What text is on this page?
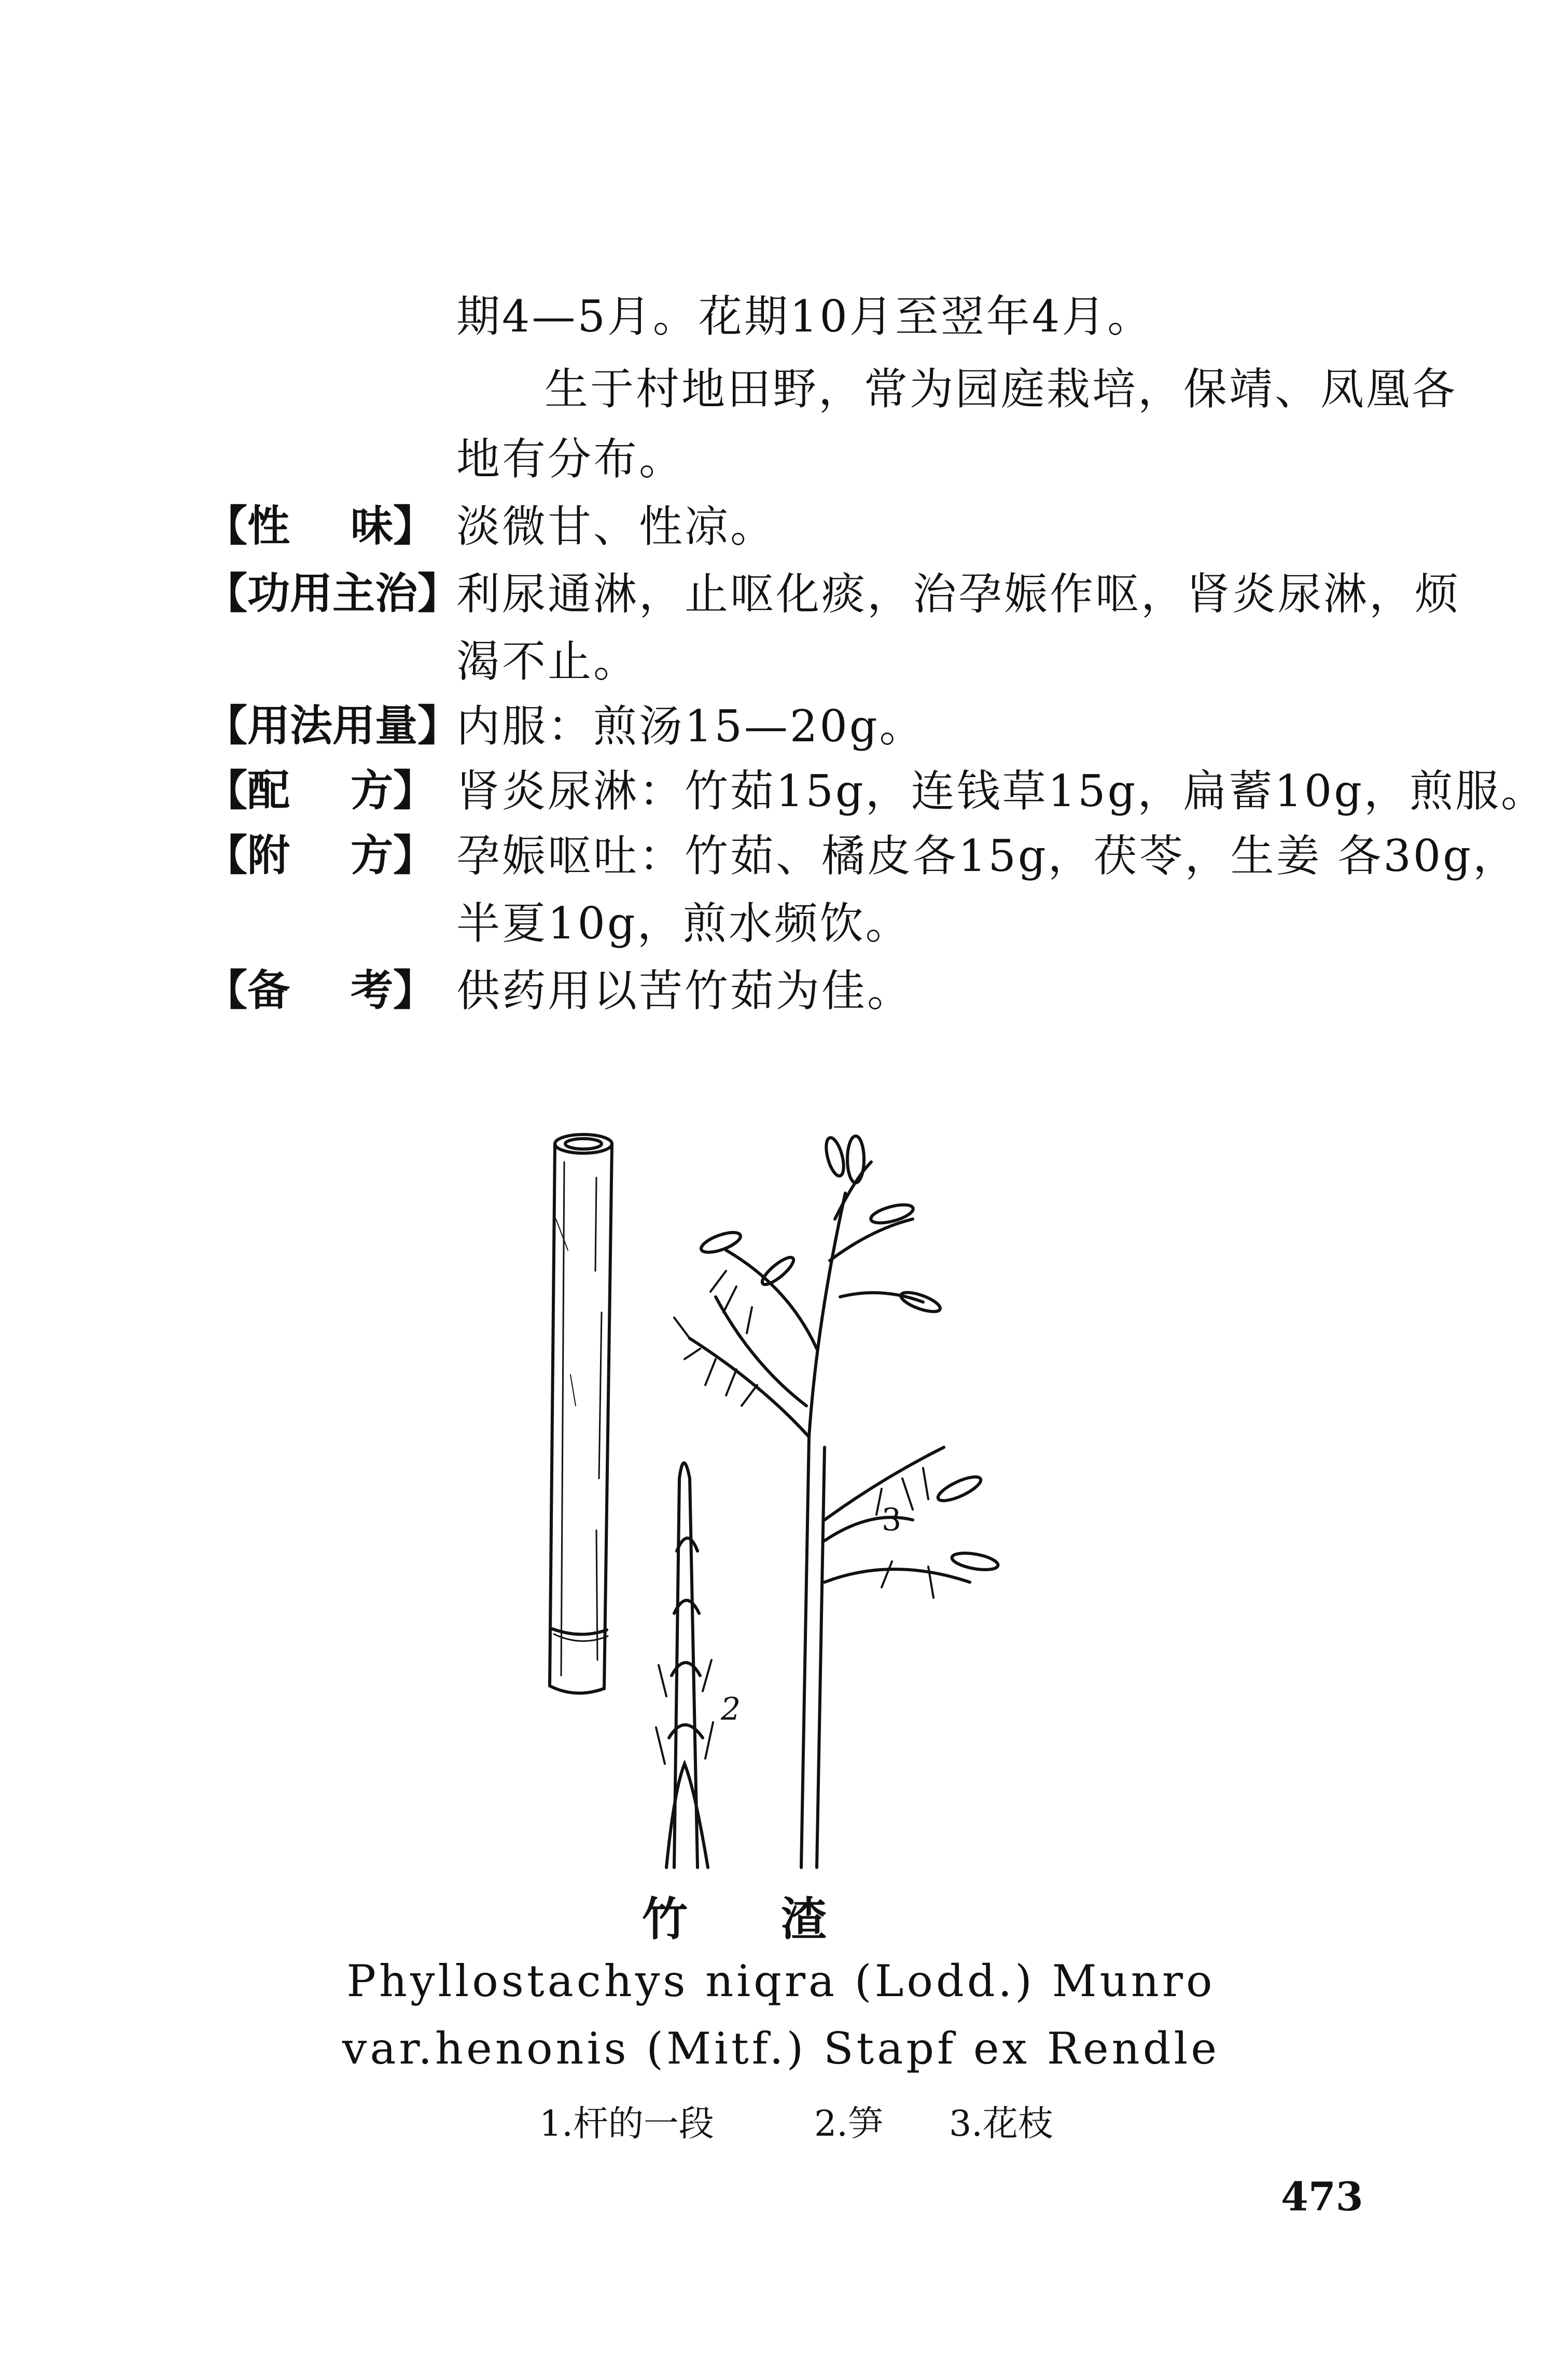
期4—5月。花期10月至翌年4月。
生于村地田野，常为园庭栽培，保靖、凤凰各
地有分布。
【性 味】 淡微甘、性凉。
【功用主治】
利尿通淋，止呕化痰，治孕娠作呕，肾炎尿淋，烦
渴不止。
【用法用量】
内服：煎汤15—20g。
【配 方】 肾炎尿淋：竹茹15g，连钱草15g，扁蓄10g，煎服。
【附 方】 孕娠呕吐：竹茹、橘皮各15g，茯苓，生姜 各30g，
半夏10g，煎水频饮。
【备 考】 供药用以苦竹茹为佳。
2
3
竹渣
Phyllostachys niqra (Lodd.) Munro
var.henonis (Mitf.) Stapf ex Rendle
1.杆的一段	2.笋 3.花枝
473
